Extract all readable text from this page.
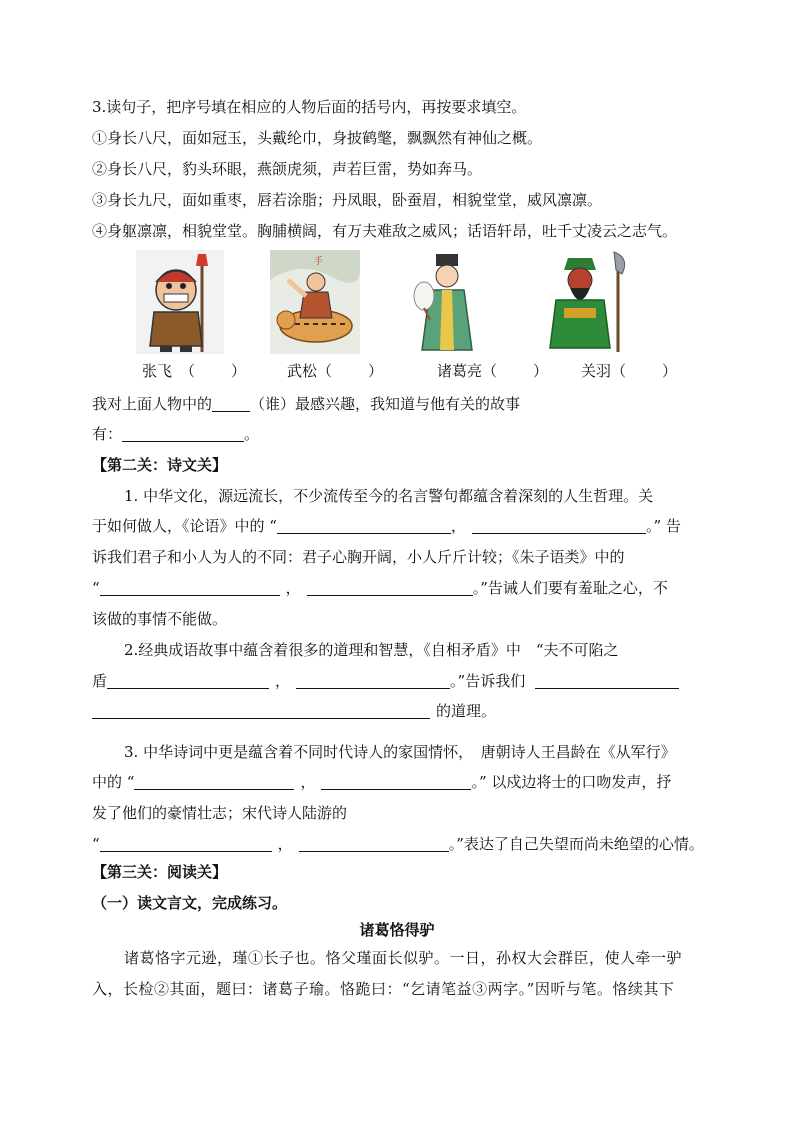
3.读句子，把序号填在相应的人物后面的括号内，再按要求填空。
①身长八尺，面如冠玉，头戴纶巾，身披鹤氅，飘飘然有神仙之概。
②身长八尺，豹头环眼，燕颌虎须，声若巨雷，势如奔马。
③身长九尺，面如重枣，唇若涂脂；丹凤眼，卧蚕眉，相貌堂堂，威风凛凛。
④身躯凛凛，相貌堂堂。胸脯横阔，有万夫难敌之威风；话语轩昂，吐千丈凌云之志气。
手
张飞 （ ）	武松（ ）	诸葛亮（ ） 关羽（ ）
我对上面人物中的	（谁）最感兴趣，我知道与他有关的故事
有：	。
【第二关：诗文关】
1. 中华文化，源远流长，不少流传至今的名言警句都蕴含着深刻的人生哲理。关
于如何做人，《论语》中的 “	，	。” 告
诉我们君子和小人为人的不同：君子心胸开阔，小人斤斤计较；《朱子语类》中的
“	，	。”告诫人们要有羞耻之心，不
该做的事情不能做。
2.经典成语故事中蕴含着很多的道理和智慧，《自相矛盾》中　“夫不可陷之
盾	，	。”告诉我们
的道理。
3. 中华诗词中更是蕴含着不同时代诗人的家国情怀，　唐朝诗人王昌龄在《从军行》
中的 “	，	。” 以戍边将士的口吻发声，抒
发了他们的豪情壮志；宋代诗人陆游的
“	，	。”表达了自己失望而尚未绝望的心情。
【第三关：阅读关】
（一）读文言文，完成练习。
诸葛恪得驴
诸葛恪字元逊，瑾①长子也。恪父瑾面长似驴。一日，孙权大会群臣，使人牵一驴
入，长检②其面，题曰：诸葛子瑜。恪跪曰：“乞请笔益③两字。”因听与笔。恪续其下
